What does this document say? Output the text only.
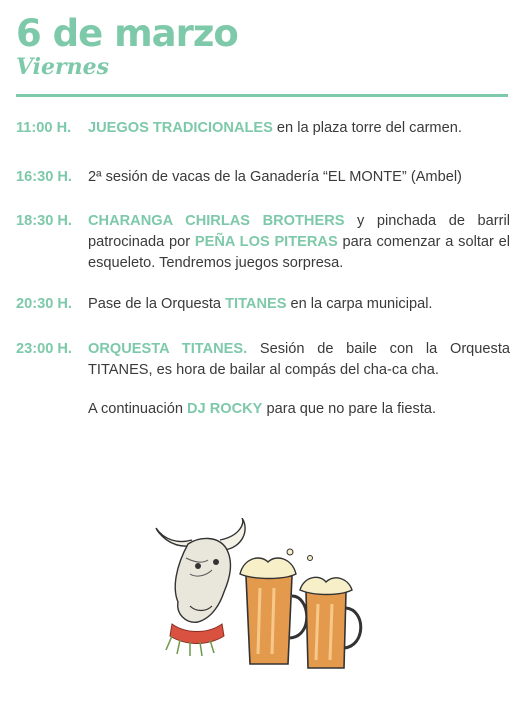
6 de marzo
Viernes
11:00 H.	JUEGOS TRADICIONALES en la plaza torre del carmen.
16:30 H.	2ª sesión de vacas de la Ganadería “EL MONTE” (Ambel)
18:30 H.	CHARANGA CHIRLAS BROTHERS y pinchada de barril patrocinada por PEÑA LOS PITERAS para comenzar a soltar el esqueleto. Tendremos juegos sorpresa.
20:30 H.	Pase de la Orquesta TITANES en la carpa municipal.
23:00 H.	ORQUESTA TITANES. Sesión de baile con la Orquesta TITANES, es hora de bailar al compás del cha-ca cha.
A continuación DJ ROCKY para que no pare la fiesta.
